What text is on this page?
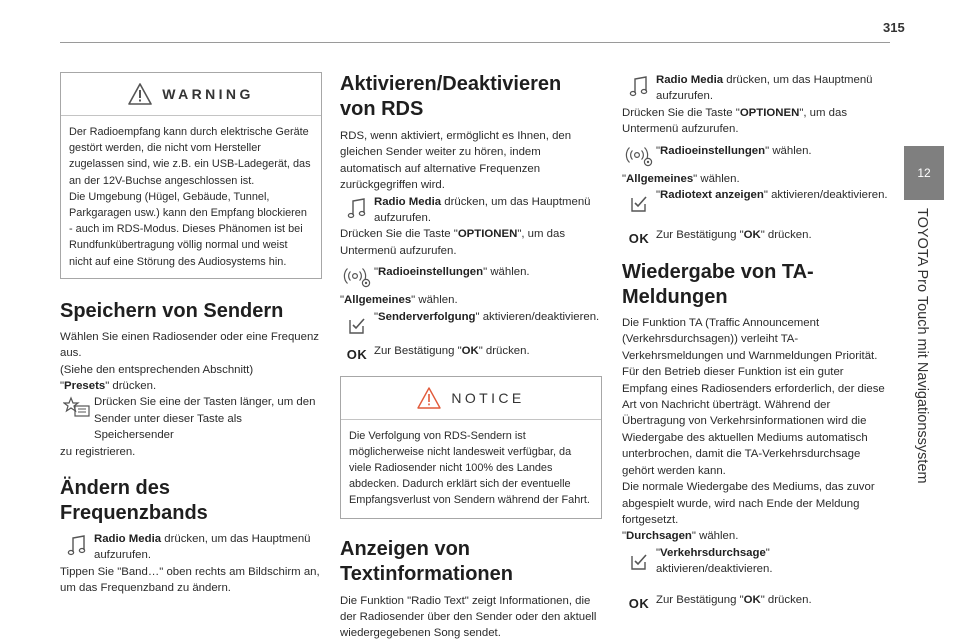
315
12
TOYOTA Pro Touch mit Navigationssystem
WARNING

Der Radioempfang kann durch elektrische Geräte gestört werden, die nicht vom Hersteller zugelassen sind, wie z.B. ein USB-Ladegerät, das an der 12V-Buchse angeschlossen ist.
Die Umgebung (Hügel, Gebäude, Tunnel, Parkgaragen usw.) kann den Empfang blockieren - auch im RDS-Modus. Dieses Phänomen ist bei Rundfunkübertragung völlig normal und weist nicht auf eine Störung des Audiosystems hin.

Speichern von Sendern

Wählen Sie einen Radiosender oder eine Frequenz aus.

(Siehe den entsprechenden Abschnitt)

"Presets" drücken.

Drücken Sie eine der Tasten länger, um den Sender unter dieser Taste als Speichersender

zu registrieren.

Ändern des Frequenzbands

Radio Media drücken, um das Hauptmenü aufzurufen.

Tippen Sie "Band…" oben rechts am Bildschirm an, um das Frequenzband zu ändern.

Aktivieren/Deaktivieren von RDS

RDS, wenn aktiviert, ermöglicht es Ihnen, den gleichen Sender weiter zu hören, indem automatisch auf alternative Frequenzen zurückgegriffen wird.

Radio Media drücken, um das Hauptmenü aufzurufen.

Drücken Sie die Taste "OPTIONEN", um das Untermenü aufzurufen.

"Radioeinstellungen" wählen.

"Allgemeines" wählen.

"Senderverfolgung" aktivieren/deaktivieren.

OK Zur Bestätigung "OK" drücken.

NOTICE

Die Verfolgung von RDS-Sendern ist möglicherweise nicht landesweit verfügbar, da viele Radiosender nicht 100% des Landes abdecken. Dadurch erklärt sich der eventuelle Empfangsverlust von Sendern während der Fahrt.

Anzeigen von Textinformationen

Die Funktion "Radio Text" zeigt Informationen, die der Radiosender über den Sender oder den aktuell wiedergegebenen Song sendet.

Radio Media drücken, um das Hauptmenü aufzurufen.

Drücken Sie die Taste "OPTIONEN", um das Untermenü aufzurufen.

"Radioeinstellungen" wählen.

"Allgemeines" wählen.

"Radiotext anzeigen" aktivieren/deaktivieren.

OK Zur Bestätigung "OK" drücken.

Wiedergabe von TA-Meldungen

Die Funktion TA (Traffic Announcement (Verkehrsdurchsagen)) verleiht TA-Verkehrsmeldungen und Warnmeldungen Priorität. Für den Betrieb dieser Funktion ist ein guter Empfang eines Radiosenders erforderlich, der diese Art von Nachricht überträgt. Während der Übertragung von Verkehrsinformationen wird die Wiedergabe des aktuellen Mediums automatisch unterbrochen, damit die TA-Verkehrsdurchsage gehört werden kann.
Die normale Wiedergabe des Mediums, das zuvor abgespielt wurde, wird nach Ende der Meldung fortgesetzt.

"Durchsagen" wählen.

"Verkehrsdurchsage" aktivieren/deaktivieren.

OK Zur Bestätigung "OK" drücken.
